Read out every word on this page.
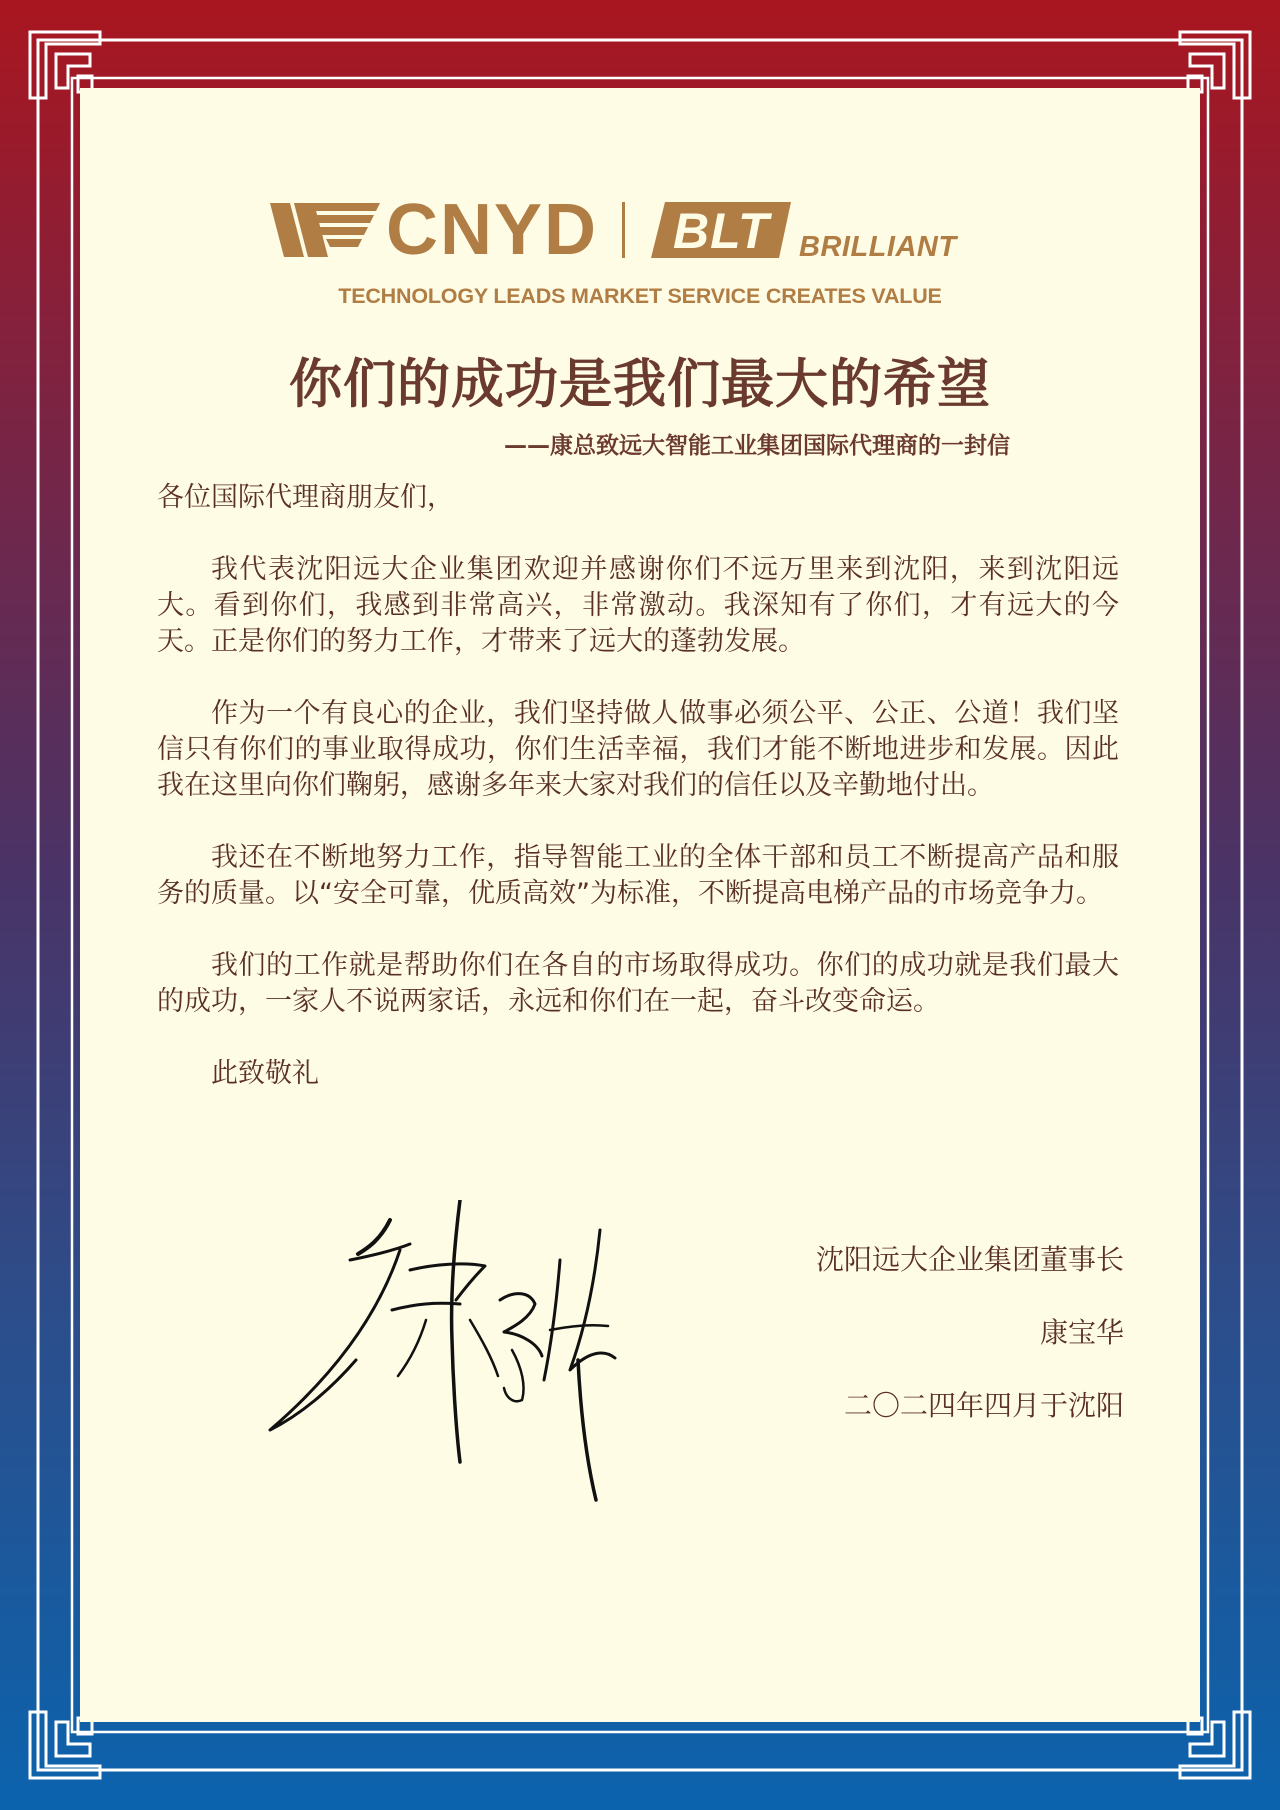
CNYD BLT BRILLIANT
TECHNOLOGY LEADS MARKET SERVICE CREATES VALUE
你们的成功是我们最大的希望
——康总致远大智能工业集团国际代理商的一封信

各位国际代理商朋友们，

我代表沈阳远大企业集团欢迎并感谢你们不远万里来到沈阳，来到沈阳远大。看到你们，我感到非常高兴，非常激动。我深知有了你们，才有远大的今天。正是你们的努力工作，才带来了远大的蓬勃发展。

作为一个有良心的企业，我们坚持做人做事必须公平、公正、公道！我们坚信只有你们的事业取得成功，你们生活幸福，我们才能不断地进步和发展。因此我在这里向你们鞠躬，感谢多年来大家对我们的信任以及辛勤地付出。

我还在不断地努力工作，指导智能工业的全体干部和员工不断提高产品和服务的质量。以“安全可靠，优质高效”为标准，不断提高电梯产品的市场竞争力。

我们的工作就是帮助你们在各自的市场取得成功。你们的成功就是我们最大的成功，一家人不说两家话，永远和你们在一起，奋斗改变命运。

此致敬礼

沈阳远大企业集团董事长
康宝华
二〇二四年四月于沈阳
